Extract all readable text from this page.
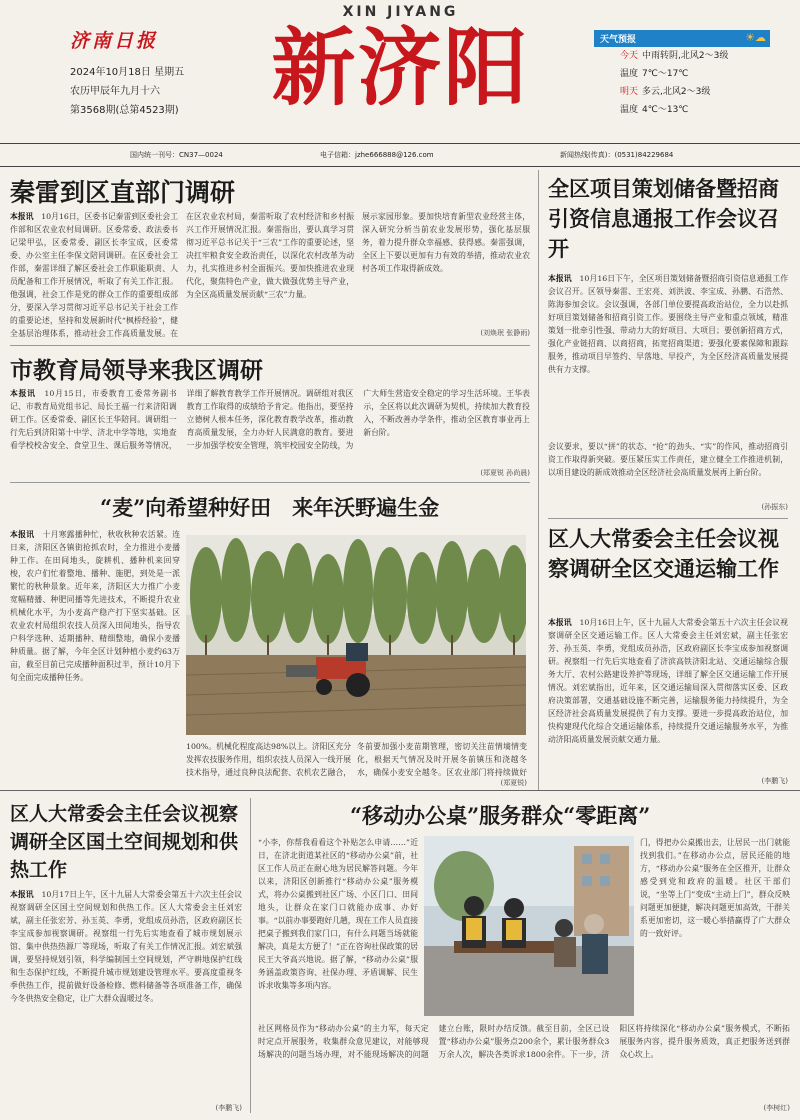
济南日报
2024年10月18日 星期五
农历甲辰年九月十六
第3568期(总第4523期)
XIN JIYANG
新济阳	天气预报	☀☁
今天 中雨转阴,北风2～3级
温度 7℃～17℃
明天 多云,北风2～3级
温度 4℃～13℃
国内统一刊号：CN37—0024	电子信箱：jzhe666888@126.com	新闻热线(传真)：(0531)84229684
秦雷到区直部门调研
本报讯　 10月16日，区委书记秦雷到区委社会工作部和区农业农村局调研。区委常委、政法委书记梁甲弘，区委常委、副区长李宝成，区委常委、办公室主任李保文陪同调研。在区委社会工作部，秦雷详细了解区委社会工作职能职责、人员配备和工作开展情况，听取了有关工作汇报。他强调，社会工作是党的群众工作的重要组成部分，要深入学习贯彻习近平总书记关于社会工作的重要论述，坚持和发展新时代“枫桥经验”，健全基层治理体系，推动社会工作高质量发展。在
在区农业农村局，秦雷听取了农村经济和乡村振兴工作开展情况汇报。秦雷指出，要认真学习贯彻习近平总书记关于“三农”工作的重要论述，坚决扛牢粮食安全政治责任，以深化农村改革为动力，扎实推进乡村全面振兴。要加快推进农业现代化，聚焦特色产业，做大做强优势主导产业，为全区高质量发展贡献“三农”力量。
展示家园形象。要加快培育新型农业经营主体，深入研究分析当前农业发展形势，强化基层服务，着力提升群众幸福感、获得感。秦雷强调，全区上下要以更加有力有效的举措，推动农业农村各项工作取得新成效。
(刘焕珉 张静雨)
市教育局领导来我区调研
本报讯　 10月15日，市委教育工委常务副书记、市教育局党组书记、局长王福一行来济阳调研工作。区委常委、副区长王华陪同。调研组一行先后到济阳第十中学、济北中学等地，实地查看学校校舍安全、食堂卫生、课后服务等情况，详细了解教育教学工作开展情况。调研组对我区教育工作取得的成绩给予肯定。他指出，要坚持立德树人根本任务，深化教育教学改革，推动教育高质量发展，全力办好人民满意的教育。要进一步加强学校安全管理，筑牢校园安全防线，为广大师生营造安全稳定的学习生活环境。王华表示，全区将以此次调研为契机，持续加大教育投入，不断改善办学条件，推动全区教育事业再上新台阶。
(郑夏锐 孙尚晨)
“麦”向希望种好田　来年沃野遍生金
本报讯　 十月寒露播种忙，秋收秋种农活紧。连日来，济阳区各镇街抢抓农时，全力推进小麦播种工作。在田间地头，旋耕机、播种机来回穿梭，农户们忙着整地、播种、施肥，到处是一派繁忙的秋种景象。近年来，济阳区大力推广小麦宽幅精播、种肥同播等先进技术，不断提升农业机械化水平，为小麦高产稳产打下坚实基础。区农业农村局组织农技人员深入田间地头，指导农户科学选种、适期播种、精细整地，确保小麦播种质量。据了解，今年全区计划种植小麦约63万亩，截至目前已完成播种面积过半，预计10月下旬全面完成播种任务。
100%。机械化程度高达98%以上。济阳区充分发挥农技服务作用，组织农技人员深入一线开展技术指导，通过良种良法配套、农机农艺融合，
冬前要加强小麦苗期管理，密切关注苗情墒情变化，根据天气情况及时开展冬前镇压和浇越冬水，确保小麦安全越冬。区农业部门将持续做好
(郑夏锐)
全区项目策划储备暨招商引资信息通报工作会议召开
本报讯　 10月16日下午，全区项目策划储备暨招商引资信息通报工作会议召开。区领导秦雷、王宏亮、刘洪波、李宝成、孙鹏、石浩然、陈海参加会议。会议强调，各部门单位要提高政治站位，全力以赴抓好项目策划储备和招商引资工作。要围绕主导产业和重点领域，精准策划一批牵引性强、带动力大的好项目、大项目；要创新招商方式，强化产业链招商、以商招商，拓宽招商渠道；要强化要素保障和跟踪服务，推动项目早签约、早落地、早投产，为全区经济高质量发展提供有力支撑。
会议要求，要以“拼”的状态、“抢”的劲头、“实”的作风，推动招商引资工作取得新突破。要压紧压实工作责任，建立健全工作推进机制，以项目建设的新成效推动全区经济社会高质量发展再上新台阶。
(孙振东)
区人大常委会主任会议视察调研全区交通运输工作
本报讯　 10月16日上午，区十九届人大常委会第五十六次主任会议视察调研全区交通运输工作。区人大常委会主任刘宏斌，副主任张宏芳、孙玉英、李勇，党组成员孙浩，区政府副区长李宝成参加视察调研。视察组一行先后实地查看了济滨高铁济阳北站、交通运输综合服务大厅、农村公路建设养护等现场，详细了解全区交通运输工作开展情况。刘宏斌指出，近年来，区交通运输局深入贯彻落实区委、区政府决策部署，交通基础设施不断完善，运输服务能力持续提升，为全区经济社会高质量发展提供了有力支撑。要进一步提高政治站位，加快构建现代化综合交通运输体系，持续提升交通运输服务水平，为推动济阳高质量发展贡献交通力量。
(李鹏飞)
区人大常委会主任会议视察调研全区国土空间规划和供热工作
本报讯　 10月17日上午，区十九届人大常委会第五十六次主任会议视察调研全区国土空间规划和供热工作。区人大常委会主任刘宏斌，副主任张宏芳、孙玉英、李勇，党组成员孙浩，区政府副区长李宝成参加视察调研。视察组一行先后实地查看了城市规划展示馆、集中供热热源厂等现场，听取了有关工作情况汇报。刘宏斌强调，要坚持规划引领，科学编制国土空间规划，严守耕地保护红线和生态保护红线，不断提升城市规划建设管理水平。要高度重视冬季供热工作，提前做好设备检修、燃料储备等各项准备工作，确保今冬供热安全稳定，让广大群众温暖过冬。
(李鹏飞)
“移动办公桌”服务群众“零距离”
“小李，你帮我看看这个补贴怎么申请……”近日，在济北街道某社区的“移动办公桌”前，社区工作人员正在耐心地为居民解答问题。今年以来，济阳区创新推行“移动办公桌”服务模式，将办公桌搬到社区广场、小区门口、田间地头，让群众在家门口就能办成事、办好事。“以前办事要跑好几趟，现在工作人员直接把桌子搬到我们家门口，有什么问题当场就能解决，真是太方便了！”正在咨询社保政策的居民王大爷高兴地说。据了解，“移动办公桌”服务涵盖政策咨询、社保办理、矛盾调解、民生诉求收集等多项内容。
门，得把办公桌搬出去，让居民一出门就能找到我们。”在移动办公点，居民还能的地方，“移动办公桌”服务在全区推开，让群众感受到党和政府的温暖。社区干部们说，“坐等上门”变成“主动上门”，群众反映问题更加便捷，解决问题更加高效，干群关系更加密切，这一暖心举措赢得了广大群众的一致好评。
社区网格员作为“移动办公桌”的主力军，每天定时定点开展服务，收集群众意见建议，对能够现场解决的问题当场办理，对不能现场解决的问题建立台账，限时办结反馈。截至目前，全区已设置“移动办公桌”服务点200余个，累计服务群众3万余人次，解决各类诉求1800余件。下一步，济阳区将持续深化“移动办公桌”服务模式，不断拓展服务内容，提升服务质效，真正把服务送到群众心坎上。
(李树红)
